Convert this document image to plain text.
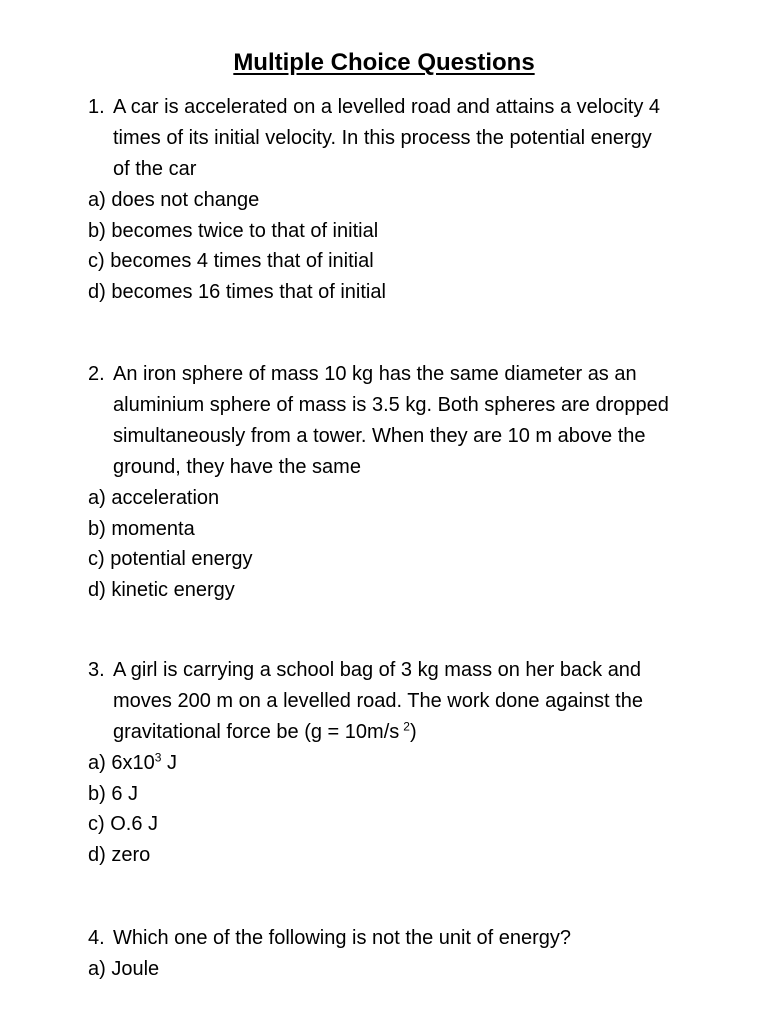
Multiple Choice Questions
1. A car is accelerated on a levelled road and attains a velocity 4
times of its initial velocity. In this process the potential energy
of the car
a) does not change
b) becomes twice to that of initial
c) becomes 4 times that of initial
d) becomes 16 times that of initial
2. An iron sphere of mass 10 kg has the same diameter as an
aluminium sphere of mass is 3.5 kg. Both spheres are dropped
simultaneously from a tower. When they are 10 m above the
ground, they have the same
a) acceleration
b) momenta
c) potential energy
d) kinetic energy
3. A girl is carrying a school bag of 3 kg mass on her back and
moves 200 m on a levelled road. The work done against the
gravitational force be (g = 10m/s  $^2$)
a) $6x10^3$ J
b) 6 J
c) O.6 J
d) zero
4. Which one of the following is not the unit of energy?
a) Joule
